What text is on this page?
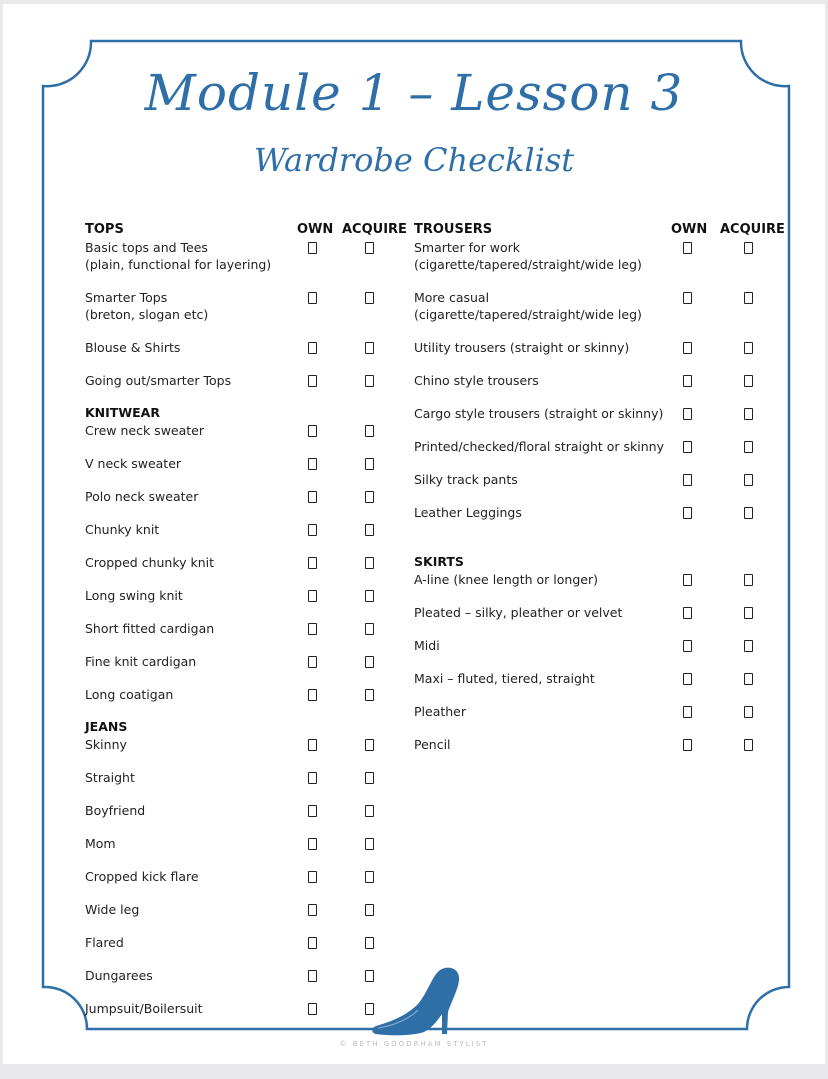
Module 1 – Lesson 3
Wardrobe Checklist
TOPS	OWN ACQUIRE
Basic tops and Tees
(plain, functional for layering)
Smarter Tops
(breton, slogan etc)
Blouse & Shirts
Going out/smarter Tops
KNITWEAR
Crew neck sweater
V neck sweater
Polo neck sweater
Chunky knit
Cropped chunky knit
Long swing knit
Short fitted cardigan
Fine knit cardigan
Long coatigan
JEANS
Skinny
Straight
Boyfriend
Mom
Cropped kick flare
Wide leg
Flared
Dungarees
Jumpsuit/Boilersuit
TROUSERS	OWN ACQUIRE
Smarter for work
(cigarette/tapered/straight/wide leg)
More casual
(cigarette/tapered/straight/wide leg)
Utility trousers (straight or skinny)
Chino style trousers
Cargo style trousers (straight or skinny)
Printed/checked/floral straight or skinny
Silky track pants
Leather Leggings
SKIRTS
A-line (knee length or longer)
Pleated – silky, pleather or velvet
Midi
Maxi – fluted, tiered, straight
Pleather
Pencil
© BETH GOODRHAM STYLIST
